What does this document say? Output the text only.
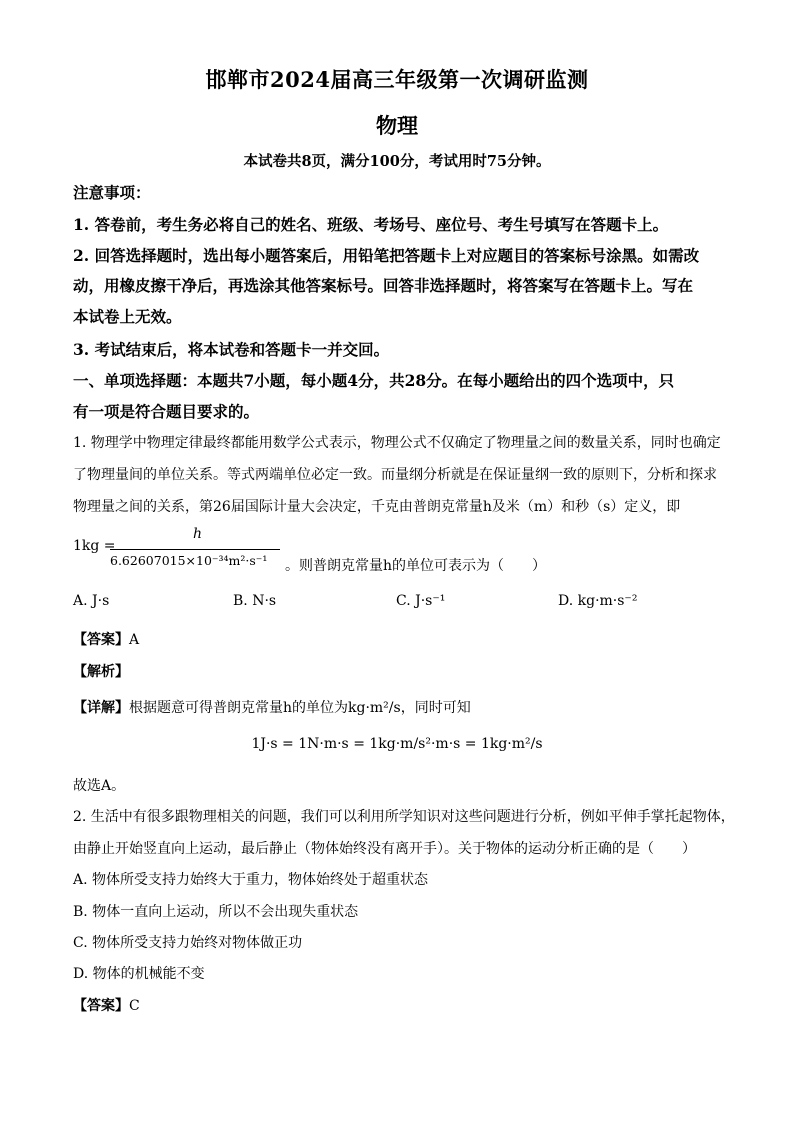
邯郸市2024届高三年级第一次调研监测
物理
本试卷共8页，满分100分，考试用时75分钟。
注意事项：
1. 答卷前，考生务必将自己的姓名、班级、考场号、座位号、考生号填写在答题卡上。
2. 回答选择题时，选出每小题答案后，用铅笔把答题卡上对应题目的答案标号涂黑。如需改
动，用橡皮擦干净后，再选涂其他答案标号。回答非选择题时，将答案写在答题卡上。写在
本试卷上无效。
3. 考试结束后，将本试卷和答题卡一并交回。
一、单项选择题：本题共7小题，每小题4分，共28分。在每小题给出的四个选项中，只
有一项是符合题目要求的。
1. 物理学中物理定律最终都能用数学公式表示，物理公式不仅确定了物理量之间的数量关系，同时也确定
了物理量间的单位关系。等式两端单位必定一致。而量纲分析就是在保证量纲一致的原则下，分析和探求
物理量之间的关系，第26届国际计量大会决定，千克由普朗克常量h及米（m）和秒（s）定义，即
1kg =
h
6.62607015×10⁻³⁴m²·s⁻¹ 。则普朗克常量h的单位可表示为（　　）
A. J·s	B. N·s	C. J·s⁻¹	D. kg·m·s⁻²
【答案】A
【解析】
【详解】根据题意可得普朗克常量h的单位为kg·m²/s，同时可知
1J·s = 1N·m·s = 1kg·m/s²·m·s = 1kg·m²/s
故选A。
2. 生活中有很多跟物理相关的问题，我们可以利用所学知识对这些问题进行分析，例如平伸手掌托起物体，
由静止开始竖直向上运动，最后静止（物体始终没有离开手）。关于物体的运动分析正确的是（　　）
A. 物体所受支持力始终大于重力，物体始终处于超重状态
B. 物体一直向上运动，所以不会出现失重状态
C. 物体所受支持力始终对物体做正功
D. 物体的机械能不变
【答案】C
